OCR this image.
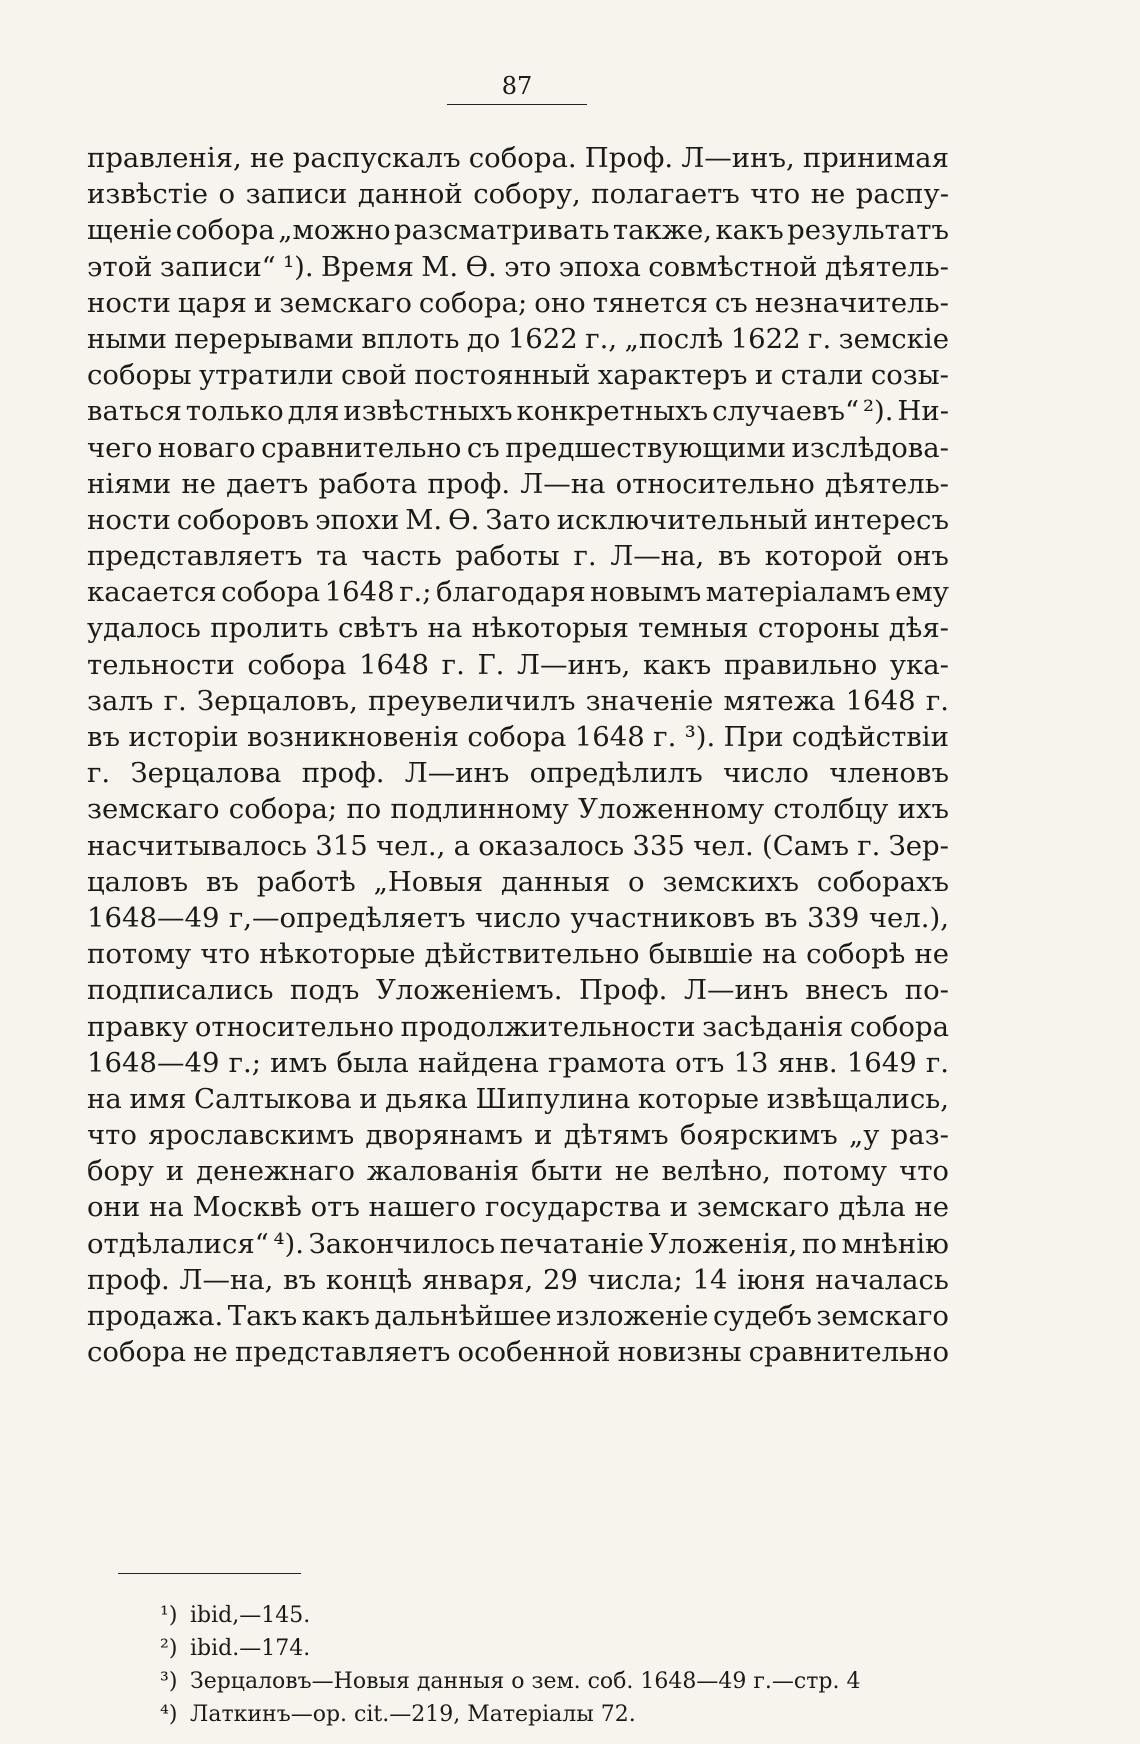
87
правленія, не распускалъ собора. Проф. Л—инъ, принимая
извѣстіе о записи данной собору, полагаетъ что не распу-
щеніе собора „можно разсматривать также, какъ результатъ
этой записи“ ¹). Время М. Ѳ. это эпоха совмѣстной дѣятель-
ности царя и земскаго собора; оно тянется съ незначитель-
ными перерывами вплоть до 1622 г., „послѣ 1622 г. земскіе
соборы утратили свой постоянный характеръ и стали созы-
ваться только для извѣстныхъ конкретныхъ случаевъ“ ²). Ни-
чего новаго сравнительно съ предшествующими изслѣдова-
ніями не даетъ работа проф. Л—на относительно дѣятель-
ности соборовъ эпохи М. Ѳ. Зато исключительный интересъ
представляетъ та часть работы г. Л—на, въ которой онъ
касается собора 1648 г.; благодаря новымъ матеріаламъ ему
удалось пролить свѣтъ на нѣкоторыя темныя стороны дѣя-
тельности собора 1648 г. Г. Л—инъ, какъ правильно ука-
залъ г. Зерцаловъ, преувеличилъ значеніе мятежа 1648 г.
въ исторіи возникновенія собора 1648 г. ³). При содѣйствіи
г. Зерцалова проф. Л—инъ опредѣлилъ число членовъ
земскаго собора; по подлинному Уложенному столбцу ихъ
насчитывалось 315 чел., а оказалось 335 чел. (Самъ г. Зер-
цаловъ въ работѣ „Новыя данныя о земскихъ соборахъ
1648—49 г,—опредѣляетъ число участниковъ въ 339 чел.),
потому что нѣкоторые дѣйствительно бывшіе на соборѣ не
подписались подъ Уложеніемъ. Проф. Л—инъ внесъ по-
правку относительно продолжительности засѣданія собора
1648—49 г.; имъ была найдена грамота отъ 13 янв. 1649 г.
на имя Салтыкова и дьяка Шипулина которые извѣщались,
что ярославскимъ дворянамъ и дѣтямъ боярскимъ „у раз-
бору и денежнаго жалованія быти не велѣно, потому что
они на Москвѣ отъ нашего государства и земскаго дѣла не
отдѣлалися“ ⁴). Закончилось печатаніе Уложенія, по мнѣнію
проф. Л—на, въ концѣ января, 29 числа; 14 іюня началась
продажа. Такъ какъ дальнѣйшее изложеніе судебъ земскаго
собора не представляетъ особенной новизны сравнительно
¹) ibid,—145.
²) ibid.—174.
³) Зерцаловъ—Новыя данныя о зем. соб. 1648—49 г.—стр. 4
⁴) Латкинъ—op. cit.—219, Матеріалы 72.
